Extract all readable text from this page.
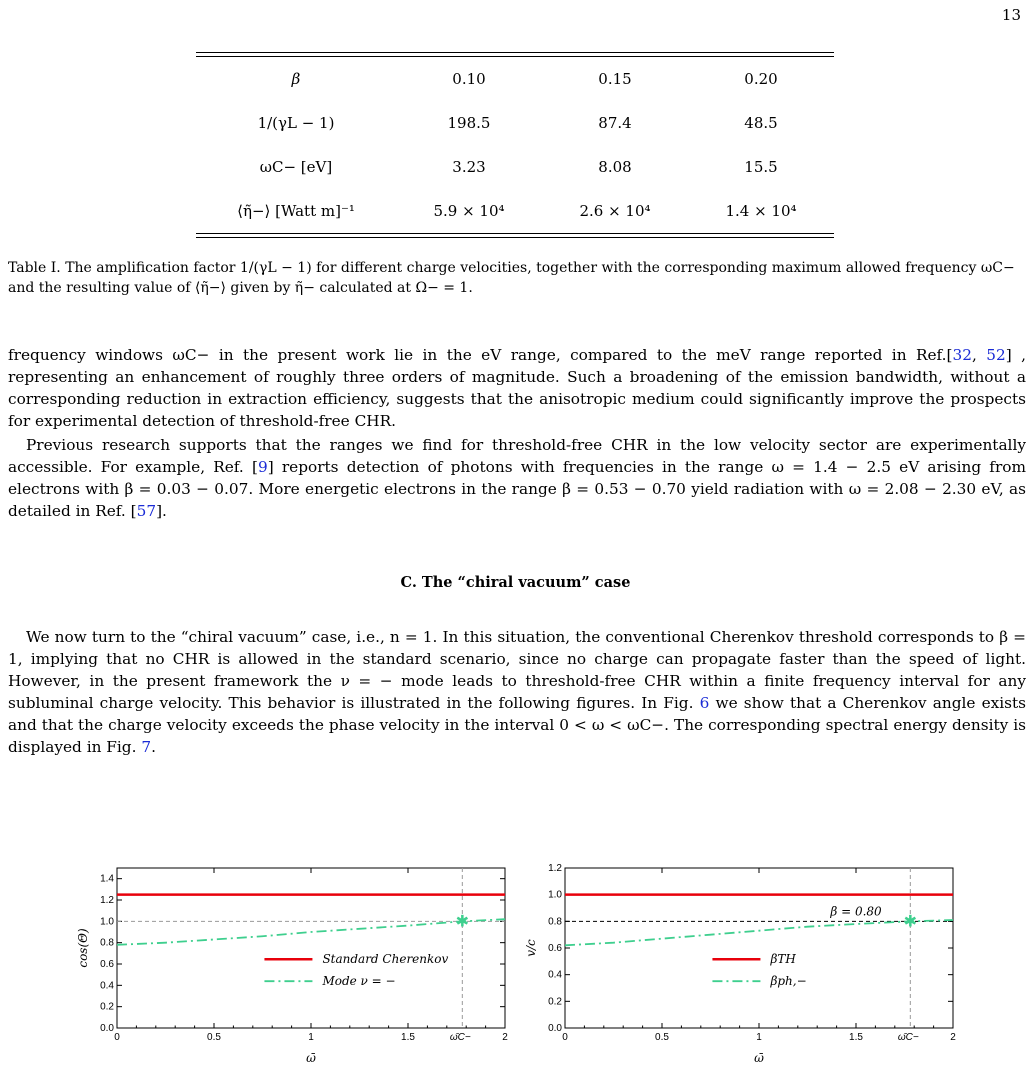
13
β	0.10	0.15	0.20
1/(γL − 1)	198.5	87.4	48.5
ωC− [eV]	3.23	8.08	15.5
⟨η̃−⟩ [Watt m]⁻¹	5.9 × 10⁴	2.6 × 10⁴	1.4 × 10⁴
Table I. The amplification factor 1/(γL − 1) for different charge velocities, together with the corresponding maximum allowed frequency ωC− and the resulting value of ⟨η̃−⟩ given by η̃− calculated at Ω− = 1.

frequency windows ωC− in the present work lie in the eV range, compared to the meV range reported in Ref.[32, 52] , representing an enhancement of roughly three orders of magnitude. Such a broadening of the emission bandwidth, without a corresponding reduction in extraction efficiency, suggests that the anisotropic medium could significantly improve the prospects for experimental detection of threshold-free CHR.

Previous research supports that the ranges we find for threshold-free CHR in the low velocity sector are experimentally accessible. For example, Ref. [9] reports detection of photons with frequencies in the range ω = 1.4 − 2.5 eV arising from electrons with β = 0.03 − 0.07. More energetic electrons in the range β = 0.53 − 0.70 yield radiation with ω = 2.08 − 2.30 eV, as detailed in Ref. [57].

C. The “chiral vacuum” case

We now turn to the “chiral vacuum” case, i.e., n = 1. In this situation, the conventional Cherenkov threshold corresponds to β = 1, implying that no CHR is allowed in the standard scenario, since no charge can propagate faster than the speed of light. However, in the present framework the ν = − mode leads to threshold-free CHR within a finite frequency interval for any subluminal charge velocity. This behavior is illustrated in the following figures. In Fig. 6 we show that a Cherenkov angle exists and that the charge velocity exceeds the phase velocity in the interval 0 < ω < ωC−. The corresponding spectral energy density is displayed in Fig. 7.

0.0
0.2
0.4
0.6
0.8
1.0
1.2
1.4
0	0.5	1	1.5	2
ω̄C−
✱
Standard Cherenkov
Mode ν = −
ω̄
cos(Θ)
0.0
0.2
0.4
0.6
0.8
1.0
1.2
0	0.5	1	1.5	2
ω̄C−
β = 0.80 ✱
βTH
βph,−
ω̄
v/c
